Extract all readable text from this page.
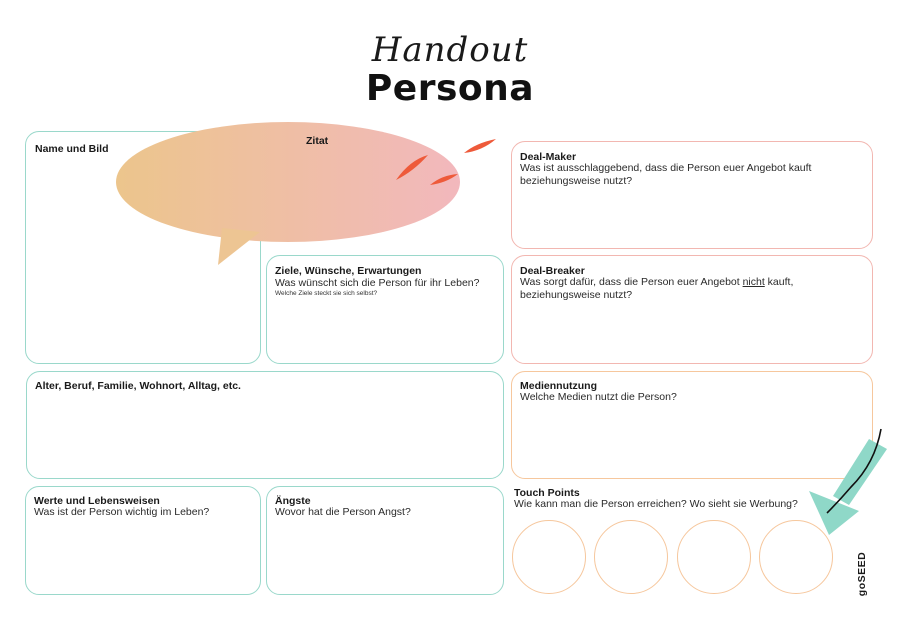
Handout
Persona
Name und Bild
Zitat
Ziele, Wünsche, Erwartungen
Was wünscht sich die Person für ihr Leben?
Welche Ziele steckt sie sich selbst?
Alter, Beruf, Familie, Wohnort, Alltag, etc.
Werte und Lebensweisen
Was ist der Person wichtig im Leben?
Ängste
Wovor hat die Person Angst?
Deal-Maker
Was ist ausschlaggebend, dass die Person euer Angebot kauft beziehungsweise nutzt?
Deal-Breaker
Was sorgt dafür, dass die Person euer Angebot nicht kauft, beziehungsweise nutzt?
Mediennutzung
Welche Medien nutzt die Person?
Touch Points
Wie kann man die Person erreichen? Wo sieht sie Werbung?
goSEED
